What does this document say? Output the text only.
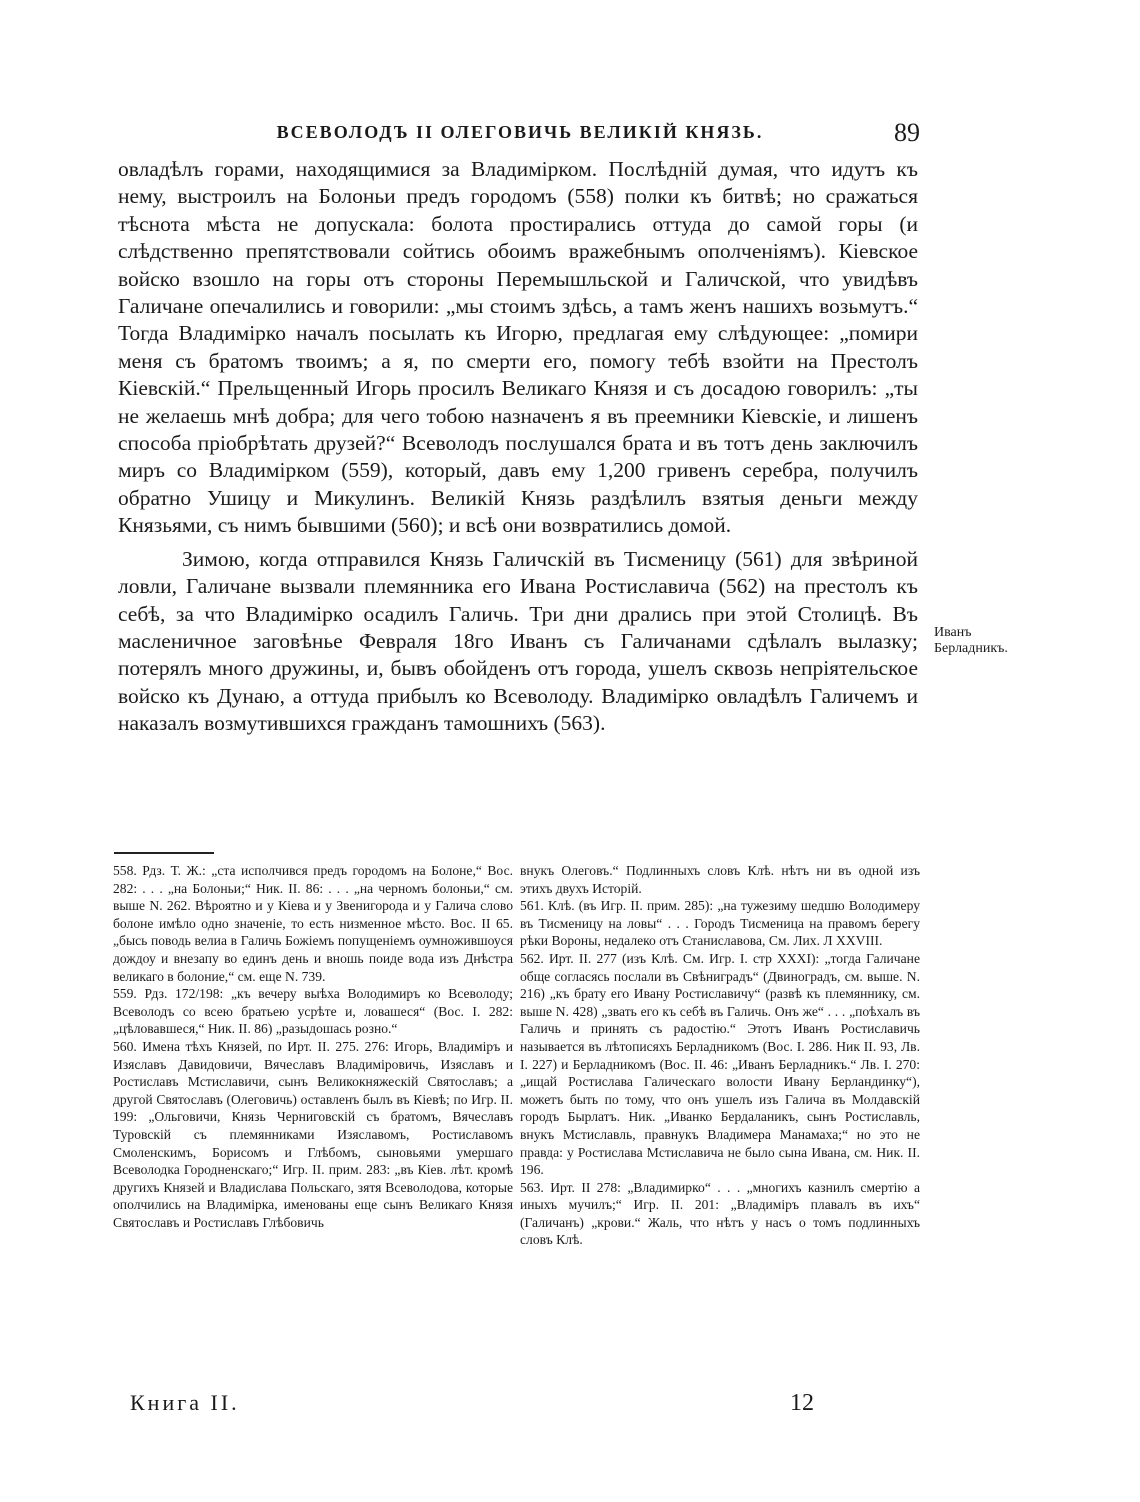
ВСЕВОЛОДЪ II ОЛЕГОВИЧЬ ВЕЛИКІЙ КНЯЗЬ.	89

овладѣлъ горами, находящимися за Владимірком. Послѣдній думая, что идутъ къ нему, выстроилъ на Болоньи предъ городомъ (558) полки къ битвѣ; но сражаться тѣснота мѣста не допускала: болота простирались оттуда до самой горы (и слѣдственно препятствовали сойтись обоимъ вражебнымъ ополченіямъ). Кіевское войско взошло на горы отъ стороны Перемышльской и Галичской, что увидѣвъ Галичане опечалились и говорили: „мы стоимъ здѣсь, а тамъ женъ нашихъ возьмутъ.“ Тогда Владимірко началъ посылать къ Игорю, предлагая ему слѣдующее: „помири меня съ братомъ твоимъ; а я, по смерти его, помогу тебѣ взойти на Престолъ Кіевскій.“ Прельщенный Игорь просилъ Великаго Князя и съ досадою говорилъ: „ты не желаешь мнѣ добра; для чего тобою назначенъ я въ преемники Кіевскіе, и лишенъ способа пріобрѣтать друзей?“ Всеволодъ послушался брата и въ тотъ день заключилъ миръ со Владимірком (559), который, давъ ему 1,200 гривенъ серебра, получилъ обратно Ушицу и Микулинъ. Великій Князь раздѣлилъ взятыя деньги между Князьями, съ нимъ бывшими (560); и всѣ они возвратились домой.

Зимою, когда отправился Князь Галичскій въ Тисменицу (561) для звѣриной ловли, Галичане вызвали племянника его Ивана Ростиславича (562) на престолъ къ себѣ, за что Владимірко осадилъ Галичь. Три дни дрались при этой Столицѣ. Въ масленичное заговѣнье Февраля 18го Иванъ съ Галичанами сдѣлалъ вылазку; потерялъ много дружины, и, бывъ обойденъ отъ города, ушелъ сквозь непріятельское войско къ Дунаю, а оттуда прибылъ ко Всеволоду. Владимірко овладѣлъ Галичемъ и наказалъ возмутившихся гражданъ тамошнихъ (563).

Иванъ Берладникъ.

558. Рдз. Т. Ж.: „ста исполчився предъ городомъ на Болоне,“ Вос. 282: . . . „на Болоньи;“ Ник. II. 86: . . . „на черномъ болоньи,“ см. выше N. 262. Вѣроятно и у Кіева и у Звенигорода и у Галича слово болоне имѣло одно значеніе, то есть низменное мѣсто. Вос. II 65. „бысь поводь велиа в Галичь Божіемъ попущеніемъ оумножившоуся дождоу и внезапу во единъ день и вношь поиде вода изъ Днѣстра великаго в болоние,“ см. еще N. 739.

559. Рдз. 172/198: „къ вечеру выѣха Володимиръ ко Всеволоду; Всеволодъ со всею братьею усрѣте и, ловашеся“ (Вос. I. 282: „цѣловавшеся,“ Ник. II. 86) „разыдошась розно.“

560. Имена тѣхъ Князей, по Ирт. II. 275. 276: Игорь, Владиміръ и Изяславъ Давидовичи, Вячеславъ Владиміровичь, Изяславъ и Ростиславъ Мстиславичи, сынъ Великокняжескій Святославъ; а другой Святославъ (Олеговичь) оставленъ былъ въ Кіевѣ; по Игр. II. 199: „Ольговичи, Князь Черниговскій съ братомъ, Вячеславъ Туровскій съ племянниками Изяславомъ, Ростиславомъ Смоленскимъ, Борисомъ и Глѣбомъ, сыновьями умершаго Всеволодка Городненскаго;“ Игр. II. прим. 283: „въ Кіев. лѣт. кромѣ другихъ Князей и Владислава Польскаго, зятя Всеволодова, которые ополчились на Владимірка, именованы еще сынъ Великаго Князя Святославъ и Ростиславъ Глѣбовичь

внукъ Олеговъ.“ Подлинныхъ словъ Клѣ. нѣтъ ни въ одной изъ этихъ двухъ Исторій.

561. Клѣ. (въ Игр. II. прим. 285): „на тужезиму шедшю Володимеру въ Тисменицу на ловы“ . . . Городъ Тисменица на правомъ берегу рѣки Вороны, недалеко отъ Станиславова, См. Лих. Л XXVIII.

562. Ирт. II. 277 (изъ Клѣ. См. Игр. I. стр XXXI): „тогда Галичане обще согласясь послали въ Свѣниградъ“ (Двиноградъ, см. выше. N. 216) „къ брату его Ивану Ростиславичу“ (развѣ къ племяннику, см. выше N. 428) „звать его къ себѣ въ Галичь. Онъ же“ . . . „поѣхалъ въ Галичь и принять съ радостію.“ Этотъ Иванъ Ростиславичь называется въ лѣтописяхъ Берладникомъ (Вос. I. 286. Ник II. 93, Лв. I. 227) и Берладникомъ (Вос. II. 46: „Иванъ Берладникъ.“ Лв. I. 270: „ищай Ростислава Галическаго волости Ивану Берландинку“), можетъ быть по тому, что онъ ушелъ изъ Галича въ Молдавскій городъ Бырлатъ. Ник. „Иванко Бердаланикъ, сынъ Ростиславль, внукъ Мстиславль, правнукъ Владимера Манамаха;“ но это не правда: у Ростислава Мстиславича не было сына Ивана, см. Ник. II. 196.

563. Ирт. II 278: „Владимирко“ . . . „многихъ казнилъ смертію а иныхъ мучилъ;“ Игр. II. 201: „Владиміръ плавалъ въ ихъ“ (Галичанъ) „крови.“ Жаль, что нѣтъ у насъ о томъ подлинныхъ словъ Клѣ.

Книга II.	12
